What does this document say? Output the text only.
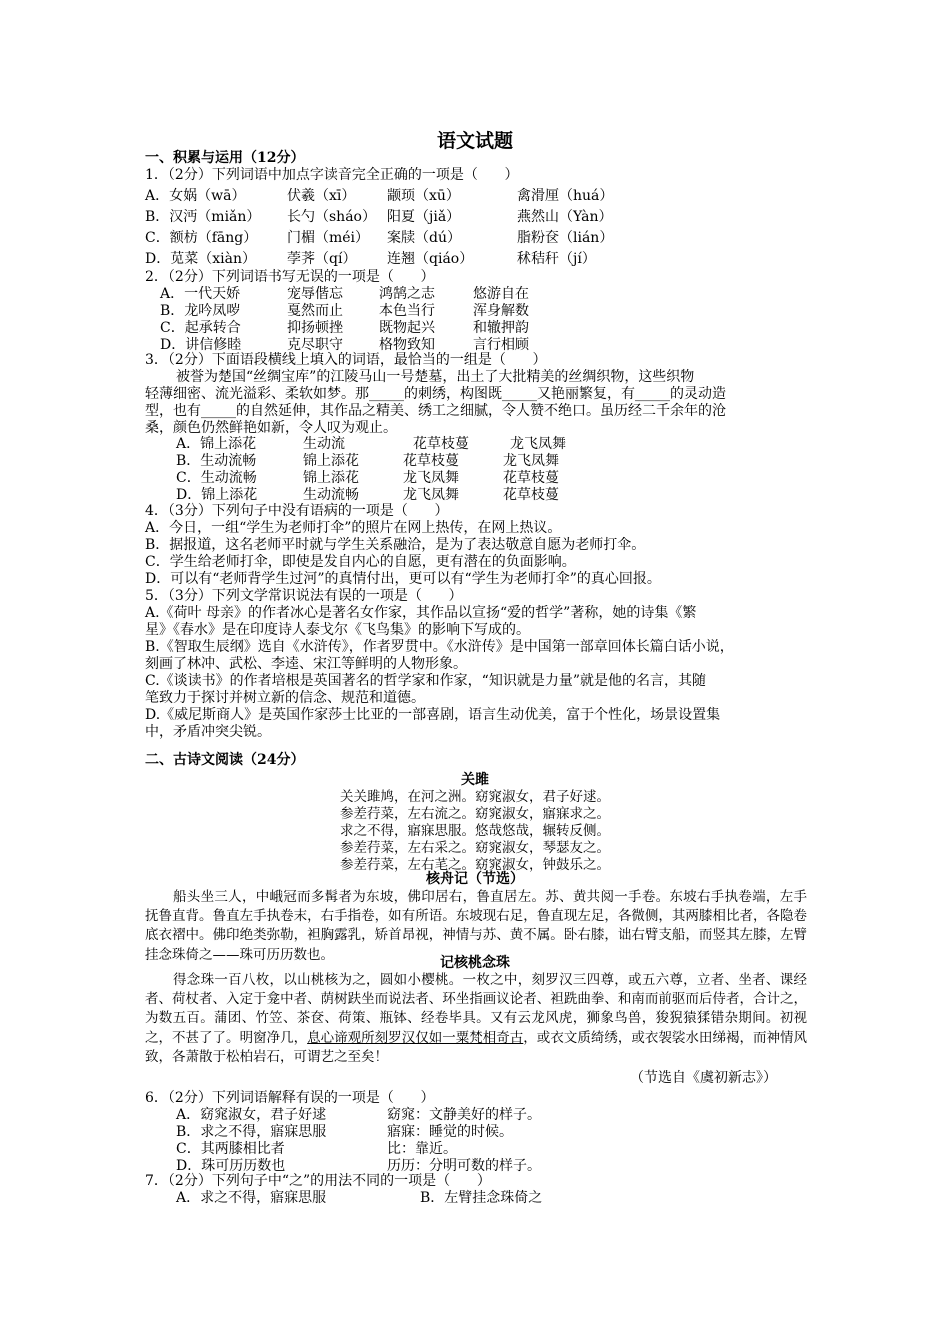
语文试题
一、积累与运用（12分）
1．（2分）下列词语中加点字读音完全正确的一项是（      ）
A．女娲（wā）	伏羲（xī）	颛顼（xū）	禽滑厘（huá）
B．汉沔（miǎn）	长勺（sháo） 阳夏（jiǎ）	燕然山（Yàn）
C．额枋（fāng）	门楣（méi）	案牍（dú）	脂粉奁（lián）
D．苋菜（xiàn）	荸荠（qí）	连翘（qiáo）	秫秸秆（jí）
2．（2分）下列词语书写无误的一项是（      ）
A．一代天娇	宠辱偕忘	鸿鹄之志	悠游自在
B．龙吟凤哕	戛然而止	本色当行	浑身解数
C．起承转合	抑扬顿挫	既物起兴	和辙押韵
D．讲信修睦	克尽职守	格物致知	言行相顾
3．（2分）下面语段横线上填入的词语，最恰当的一组是（      ）
被誉为楚国“丝绸宝库”的江陵马山一号楚墓，出土了大批精美的丝绸织物，这些织物
轻薄细密、流光溢彩、柔软如梦。那_____的刺绣，构图既_____又艳丽繁复，有_____的灵动造
型，也有_____的自然延伸，其作品之精美、绣工之细腻，令人赞不绝口。虽历经二千余年的沧
桑，颜色仍然鲜艳如新，令人叹为观止。
A．锦上添花	生动流	花草枝蔓	龙飞凤舞
B．生动流畅	锦上添花	花草枝蔓	龙飞凤舞
C．生动流畅	锦上添花	龙飞凤舞	花草枝蔓
D．锦上添花	生动流畅	龙飞凤舞	花草枝蔓
4．（3分）下列句子中没有语病的一项是（      ）
A．今日，一组“学生为老师打伞”的照片在网上热传，在网上热议。
B．据报道，这名老师平时就与学生关系融洽，是为了表达敬意自愿为老师打伞。
C．学生给老师打伞，即使是发自内心的自愿，更有潜在的负面影响。
D．可以有“老师背学生过河”的真情付出，更可以有“学生为老师打伞”的真心回报。
5．（3分）下列文学常识说法有误的一项是（      ）
A.《荷叶 母亲》的作者冰心是著名女作家，其作品以宣扬“爱的哲学”著称，她的诗集《繁
星》《春水》是在印度诗人泰戈尔《飞鸟集》的影响下写成的。
B.《智取生辰纲》选自《水浒传》，作者罗贯中。《水浒传》是中国第一部章回体长篇白话小说，
刻画了林冲、武松、李逵、宋江等鲜明的人物形象。
C.《谈读书》的作者培根是英国著名的哲学家和作家，“知识就是力量”就是他的名言，其随
笔致力于探讨并树立新的信念、规范和道德。
D.《威尼斯商人》是英国作家莎士比亚的一部喜剧，语言生动优美，富于个性化，场景设置集
中，矛盾冲突尖锐。
二、古诗文阅读（24分）
关雎
关关雎鸠，在河之洲。窈窕淑女，君子好逑。
参差荇菜，左右流之。窈窕淑女，寤寐求之。
求之不得，寤寐思服。悠哉悠哉，辗转反侧。
参差荇菜，左右采之。窈窕淑女，琴瑟友之。
参差荇菜，左右芼之。窈窕淑女，钟鼓乐之。
核舟记（节选）
船头坐三人，中峨冠而多髯者为东坡，佛印居右，鲁直居左。苏、黄共阅一手卷。东坡右手执卷端，左手抚鲁直背。鲁直左手执卷末，右手指卷，如有所语。东坡现右足，鲁直现左足，各微侧，其两膝相比者，各隐卷底衣褶中。佛印绝类弥勒，袒胸露乳，矫首昂视，神情与苏、黄不属。卧右膝，诎右臂支船，而竖其左膝，左臂挂念珠倚之——珠可历历数也。
记核桃念珠
得念珠一百八枚，以山桃核为之，圆如小樱桃。一枚之中，刻罗汉三四尊，或五六尊，立者、坐者、课经者、荷杖者、入定于龛中者、荫树趺坐而说法者、环坐指画议论者、袒跣曲拳、和南而前驱而后侍者，合计之，为数五百。蒲团、竹笠、茶奁、荷策、瓶钵、经卷毕具。又有云龙风虎，狮象鸟兽，狻猊猿猱错杂期间。初视之，不甚了了。明窗净几，息心谛观所刻罗汉仅如一粟梵相奇古，或衣文质绮绣，或衣袈裟水田绨褐，而神情风致，各萧散于松柏岩石，可谓艺之至矣！
（节选自《虞初新志》）
6．（2分）下列词语解释有误的一项是（      ）
A．窈窕淑女，君子好逑	窈窕：文静美好的样子。
B．求之不得，寤寐思服	寤寐：睡觉的时候。
C．其两膝相比者	比：靠近。
D．珠可历历数也	历历：分明可数的样子。
7．（2分）下列句子中“之”的用法不同的一项是（      ）
A．求之不得，寤寐思服	B．左臂挂念珠倚之
